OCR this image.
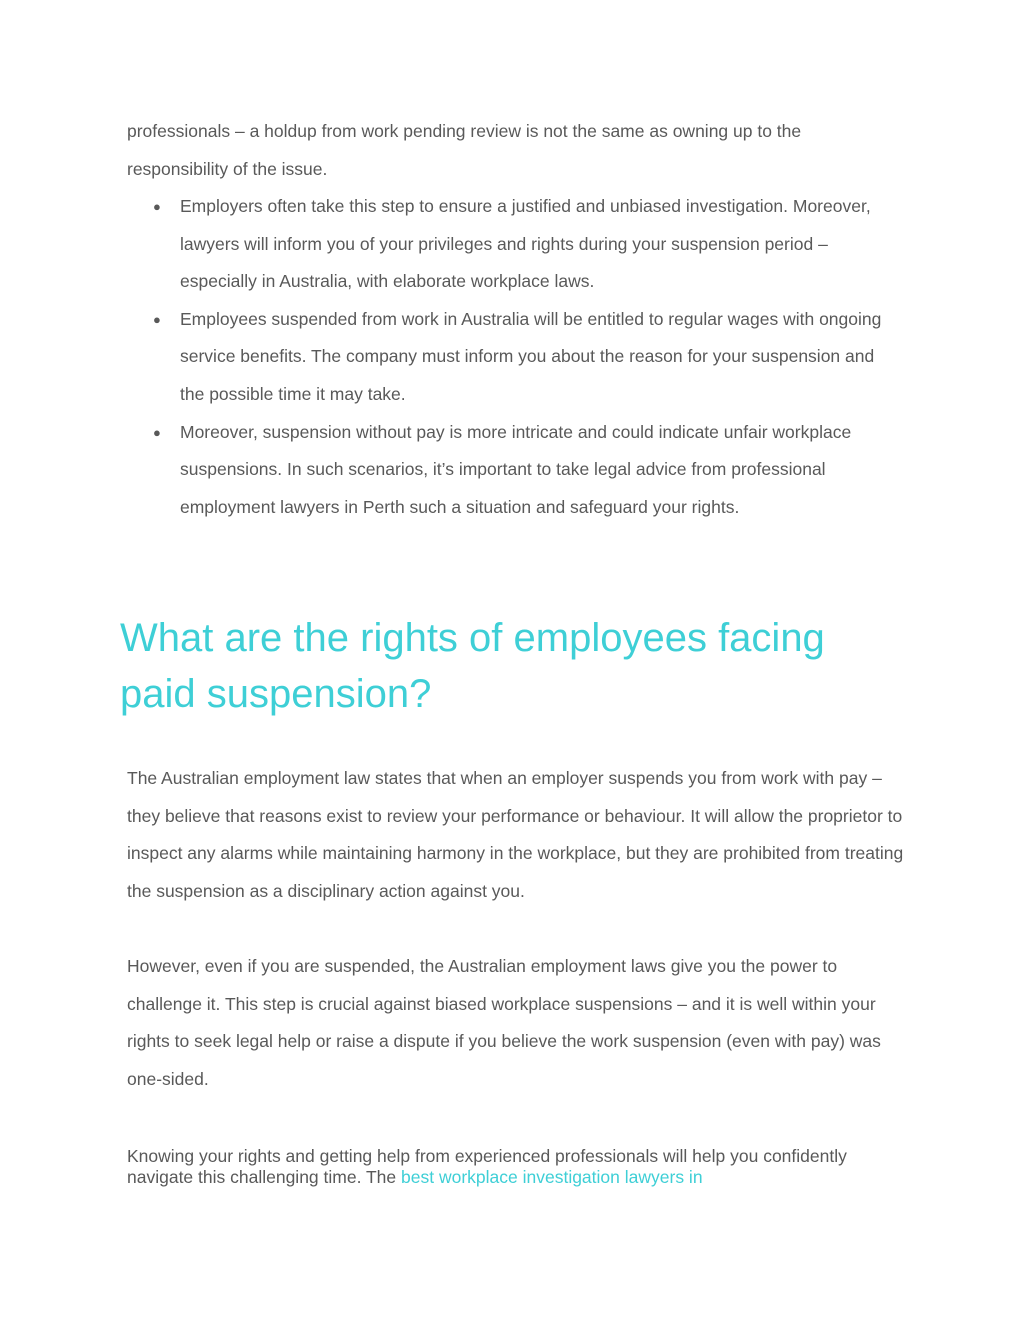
professionals – a holdup from work pending review is not the same as owning up to the responsibility of the issue.

● Employers often take this step to ensure a justified and unbiased investigation. Moreover, lawyers will inform you of your privileges and rights during your suspension period – especially in Australia, with elaborate workplace laws.
● Employees suspended from work in Australia will be entitled to regular wages with ongoing service benefits. The company must inform you about the reason for your suspension and the possible time it may take.
● Moreover, suspension without pay is more intricate and could indicate unfair workplace suspensions. In such scenarios, it’s important to take legal advice from professional employment lawyers in Perth such a situation and safeguard your rights.
What are the rights of employees facing paid suspension?

The Australian employment law states that when an employer suspends you from work with pay – they believe that reasons exist to review your performance or behaviour. It will allow the proprietor to inspect any alarms while maintaining harmony in the workplace, but they are prohibited from treating the suspension as a disciplinary action against you.

However, even if you are suspended, the Australian employment laws give you the power to challenge it. This step is crucial against biased workplace suspensions – and it is well within your rights to seek legal help or raise a dispute if you believe the work suspension (even with pay) was one-sided.

Knowing your rights and getting help from experienced professionals will help you confidently navigate this challenging time. The best workplace investigation lawyers in
